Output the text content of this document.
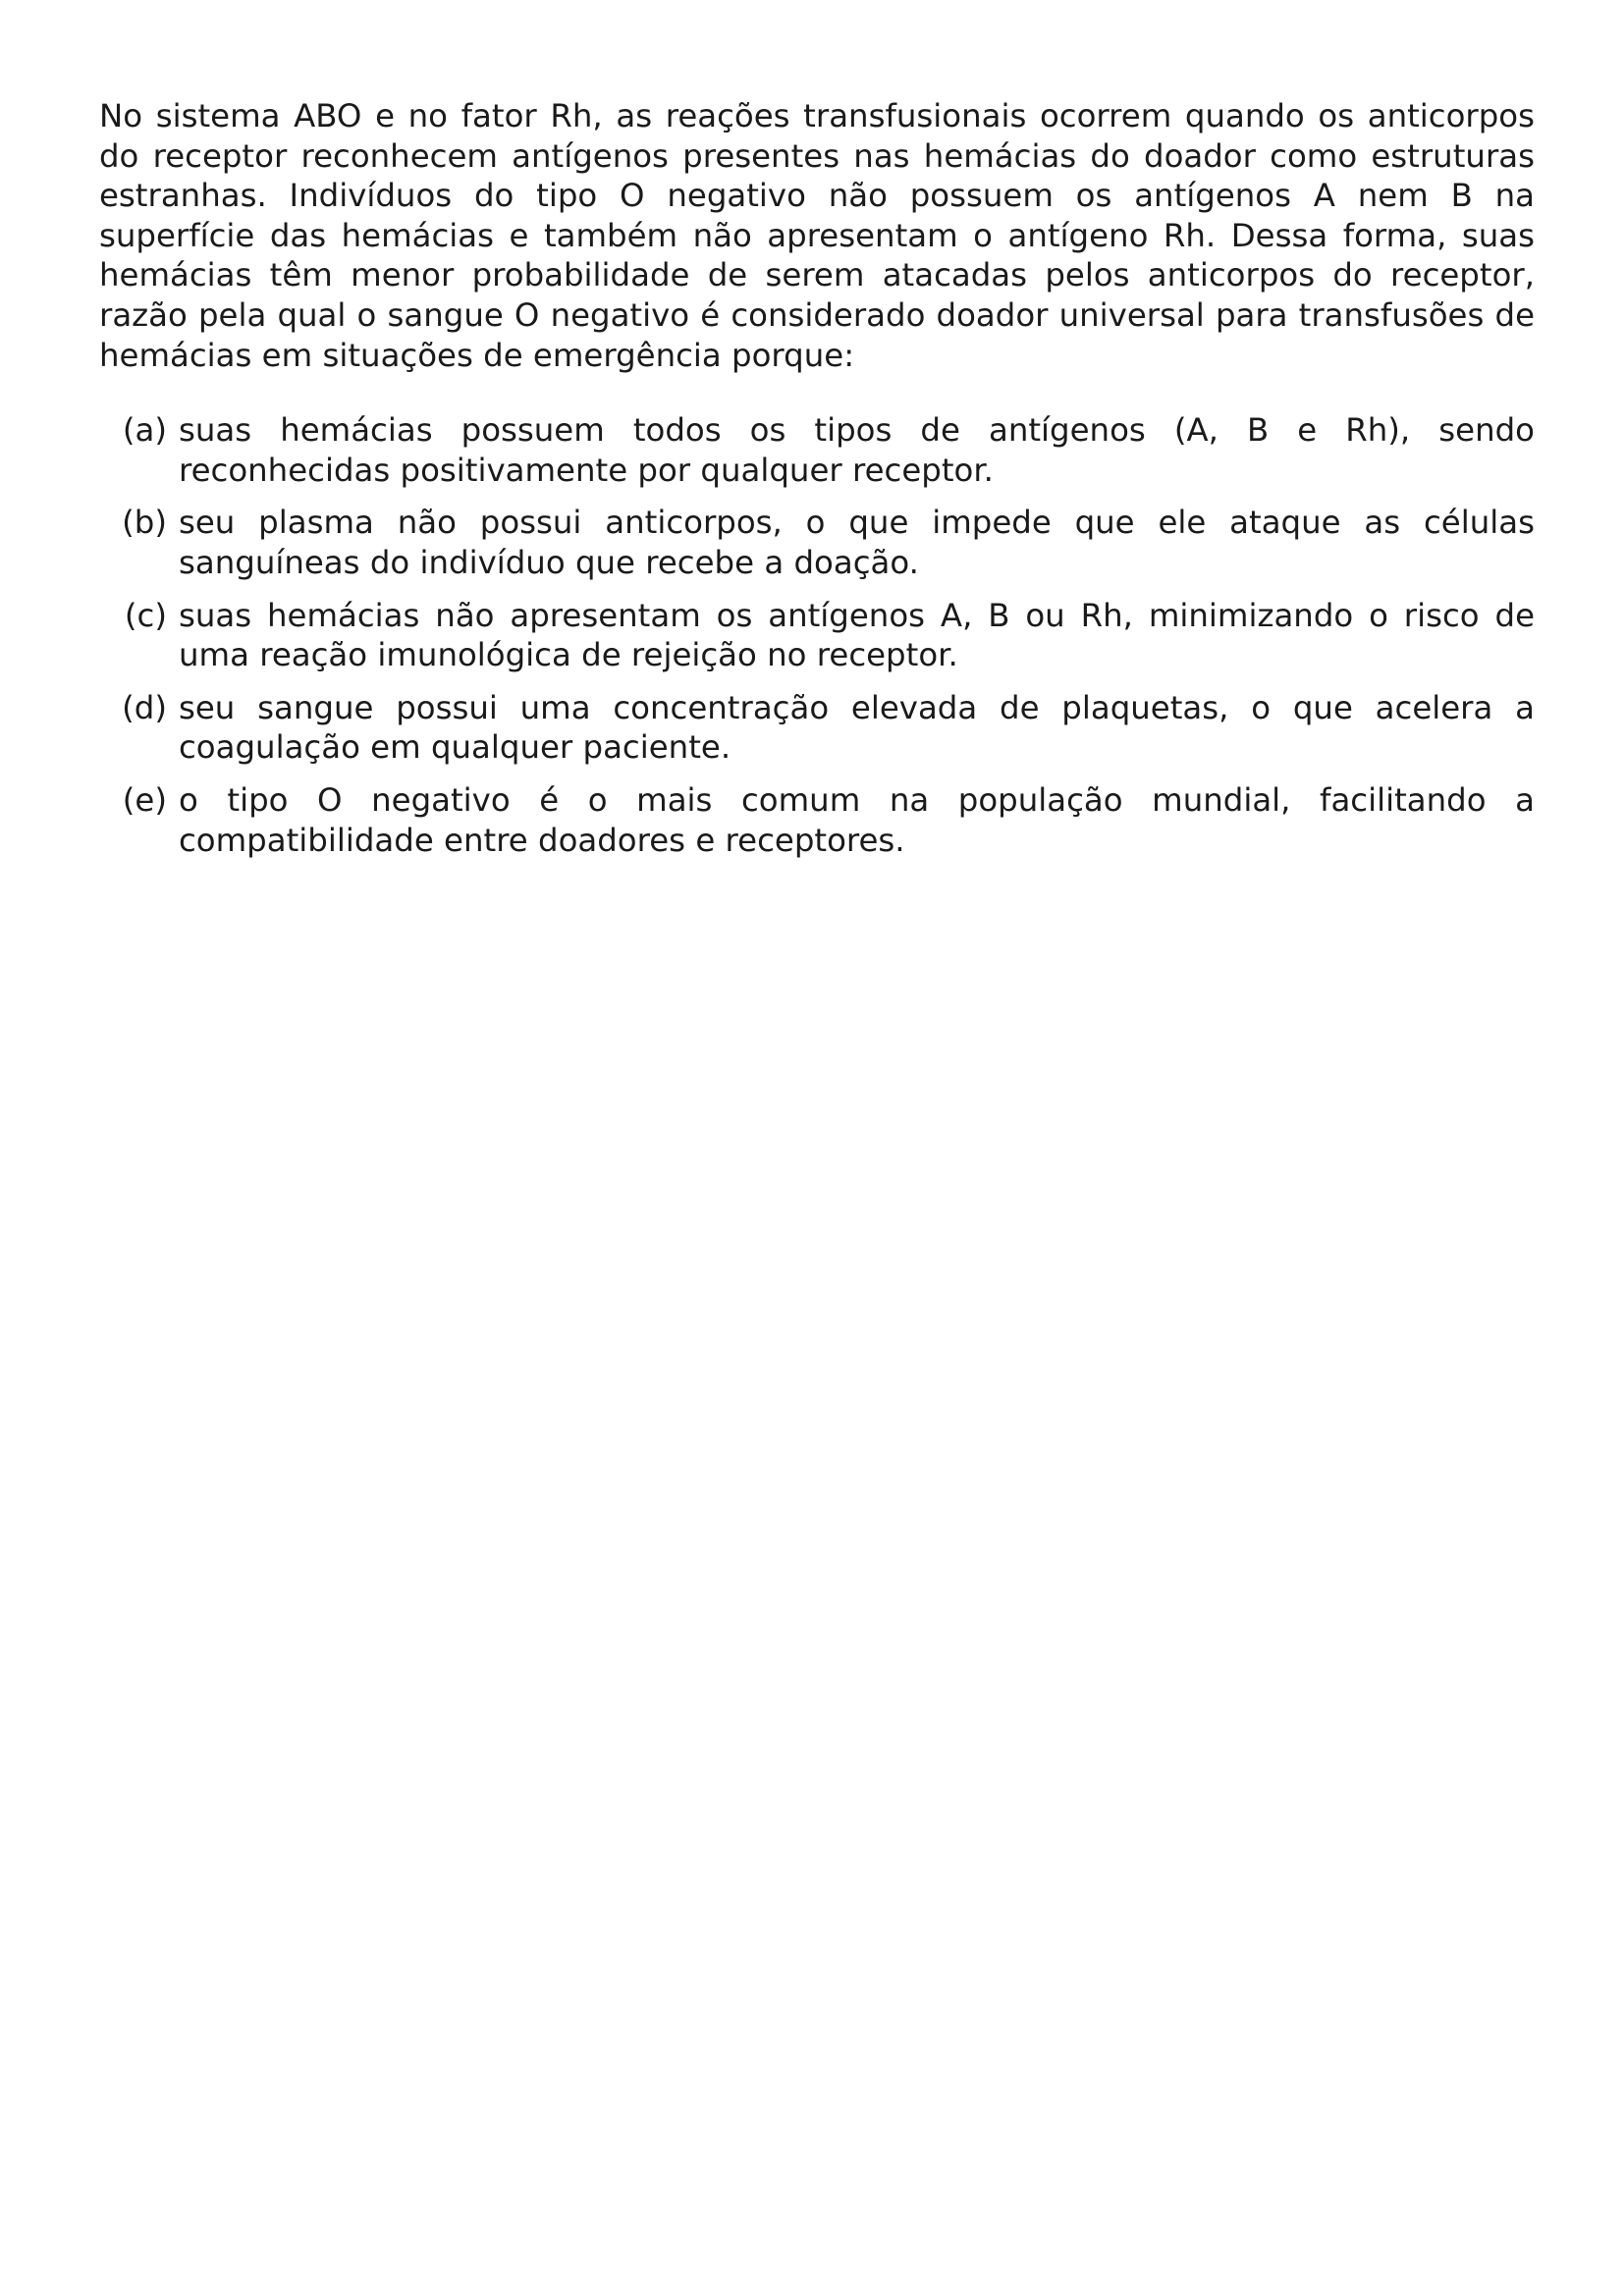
No sistema ABO e no fator Rh, as reações transfusionais ocorrem quando os anticorpos do receptor reconhecem antígenos presentes nas hemácias do doador como estruturas estranhas. Indivíduos do tipo O negativo não possuem os antígenos A nem B na superfície das hemácias e também não apresentam o antígeno Rh. Dessa forma, suas hemácias têm menor probabilidade de serem atacadas pelos anticorpos do receptor, razão pela qual o sangue O negativo é considerado doador universal para transfusões de hemácias em situações de emergência porque:

(a) suas hemácias possuem todos os tipos de antígenos (A, B e Rh), sendo reconhecidas positivamente por qualquer receptor.
(b) seu plasma não possui anticorpos, o que impede que ele ataque as células sanguíneas do indivíduo que recebe a doação.
(c) suas hemácias não apresentam os antígenos A, B ou Rh, minimizando o risco de uma reação imunológica de rejeição no receptor.
(d) seu sangue possui uma concentração elevada de plaquetas, o que acelera a coagulação em qualquer paciente.
(e) o tipo O negativo é o mais comum na população mundial, facilitando a compatibilidade entre doadores e receptores.
